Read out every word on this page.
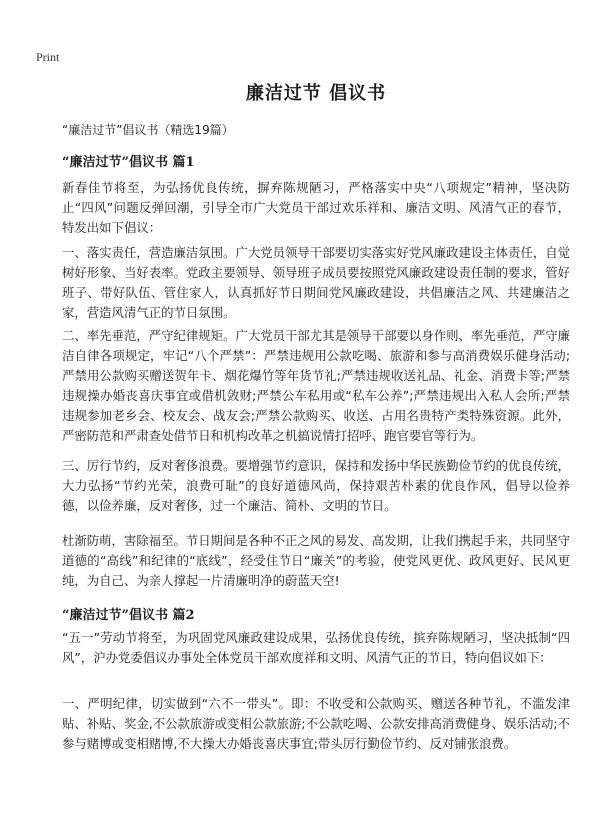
Print
廉洁过节 倡议书
“廉洁过节”倡议书（精选19篇）
“廉洁过节”倡议书 篇1
新春佳节将至，为弘扬优良传统，摒弃陈规陋习，严格落实中央“八项规定”精神，坚决防止“四风”问题反弹回潮，引导全市广大党员干部过欢乐祥和、廉洁文明、风清气正的春节，特发出如下倡议：
一、落实责任，营造廉洁氛围。广大党员领导干部要切实落实好党风廉政建设主体责任，自觉树好形象、当好表率。党政主要领导、领导班子成员要按照党风廉政建设责任制的要求，管好班子、带好队伍、管住家人，认真抓好节日期间党风廉政建设，共倡廉洁之风、共建廉洁之家，营造风清气正的节日氛围。
二、率先垂范，严守纪律规矩。广大党员干部尤其是领导干部要以身作则、率先垂范，严守廉洁自律各项规定，牢记“八个严禁”：严禁违规用公款吃喝、旅游和参与高消费娱乐健身活动;严禁用公款购买赠送贺年卡、烟花爆竹等年货节礼;严禁违规收送礼品、礼金、消费卡等;严禁违规操办婚丧喜庆事宜或借机敛财;严禁公车私用或“私车公养”;严禁违规出入私人会所;严禁违规参加老乡会、校友会、战友会;严禁公款购买、收送、占用名贵特产类特殊资源。此外，严密防范和严肃查处借节日和机构改革之机搞说情打招呼、跑官要官等行为。
三、厉行节约，反对奢侈浪费。要增强节约意识，保持和发扬中华民族勤俭节约的优良传统，大力弘扬“节约光荣，浪费可耻”的良好道德风尚，保持艰苦朴素的优良作风，倡导以俭养德，以俭养廉，反对奢侈，过一个廉洁、简朴、文明的节日。
杜渐防萌，害除福至。节日期间是各种不正之风的易发、高发期，让我们携起手来，共同坚守道德的“高线”和纪律的“底线”，经受住节日“廉关”的考验，使党风更优、政风更好、民风更纯，为自己、为亲人撑起一片清廉明净的蔚蓝天空!
“廉洁过节”倡议书 篇2
“五一”劳动节将至，为巩固党风廉政建设成果，弘扬优良传统，摈弃陈规陋习，坚决抵制“四风”，沪办党委倡议办事处全体党员干部欢度祥和文明、风清气正的节日，特向倡议如下：
一、严明纪律，切实做到“六不一带头”。即：不收受和公款购买、赠送各种节礼，不滥发津贴、补贴、奖金,不公款旅游或变相公款旅游;不公款吃喝、公款安排高消费健身、娱乐活动;不参与赌博或变相赌博,不大操大办婚丧喜庆事宜;带头厉行勤俭节约、反对铺张浪费。
